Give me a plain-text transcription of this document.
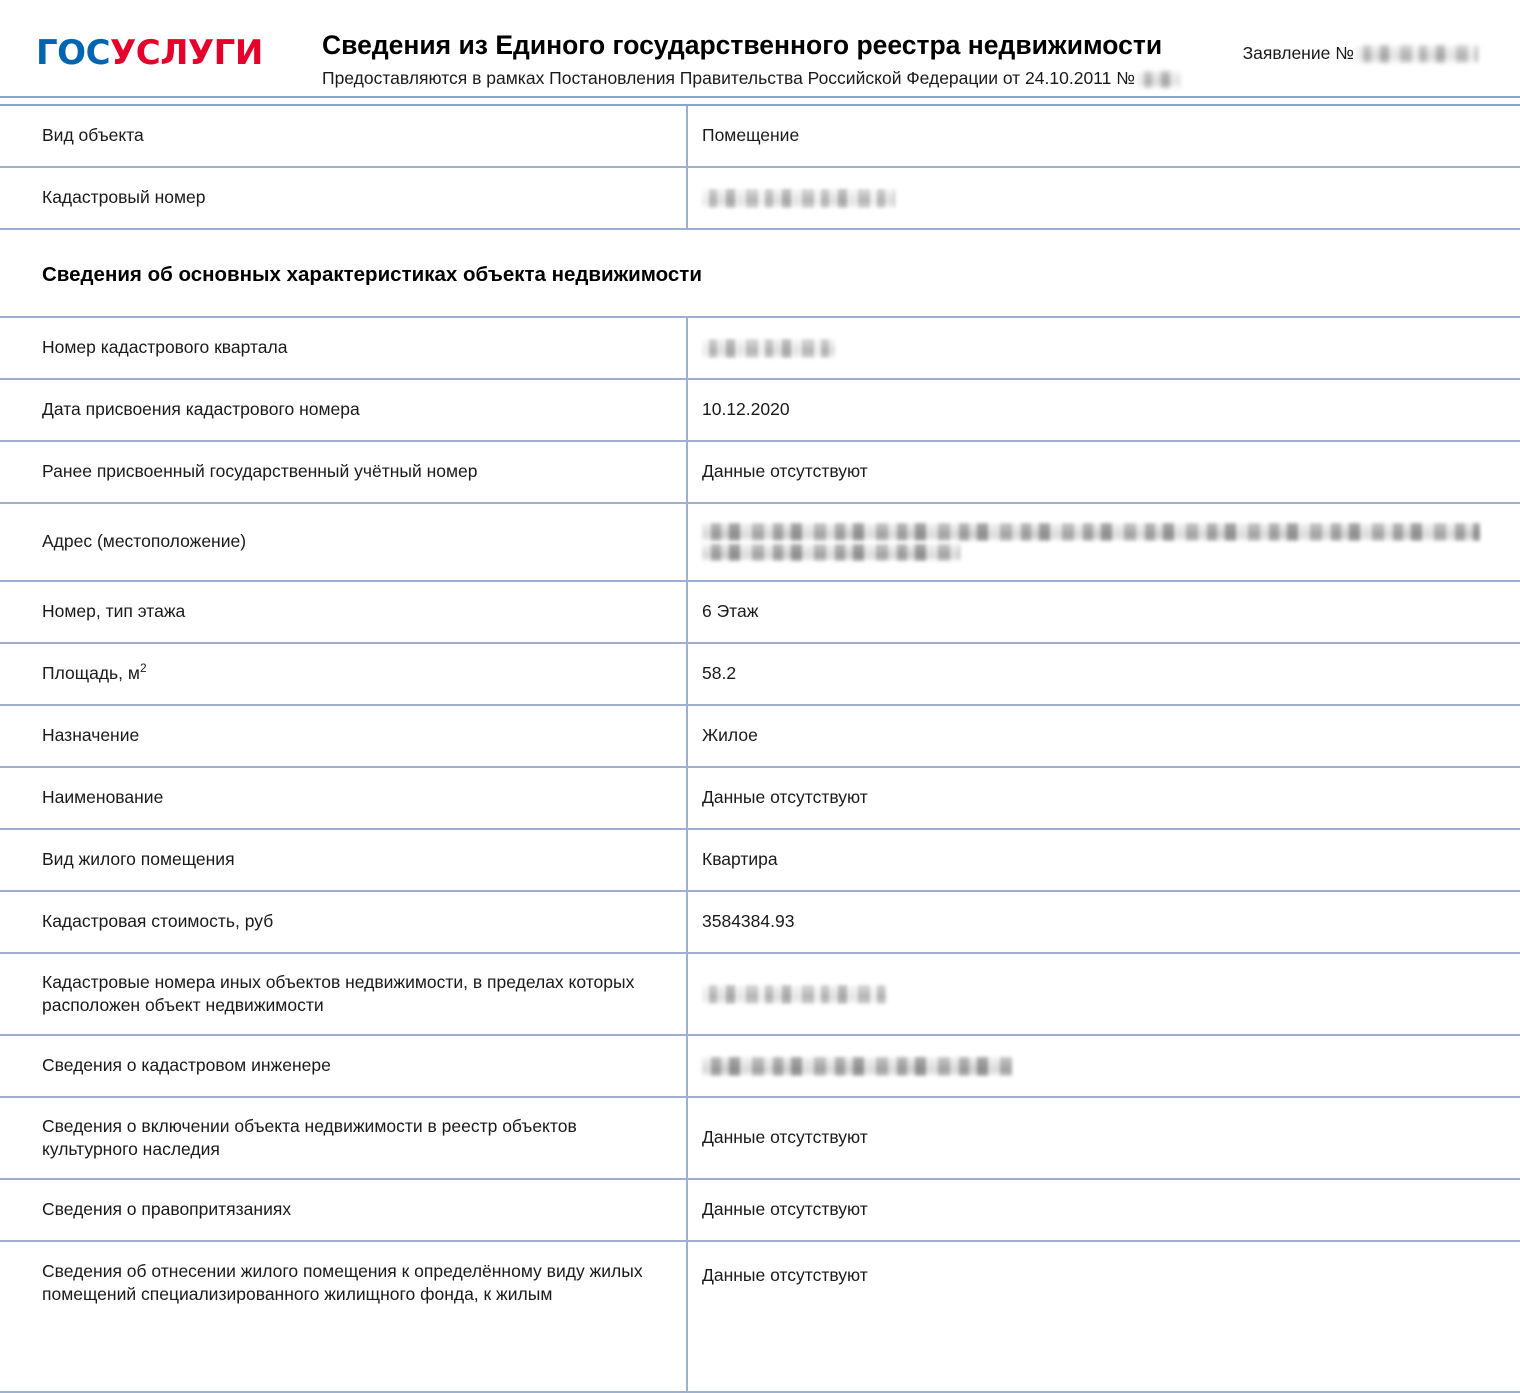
ГОСУСЛУГИ Сведения из Единого государственного реестра недвижимости

Предоставляются в рамках Постановления Правительства Российской Федерации от 24.10.2011 №

Заявление №
Вид объекта	Помещение
Кадастровый номер	

Сведения об основных характеристиках объекта недвижимости	

Номер кадастрового квартала	
Дата присвоения кадастрового номера	10.12.2020
Ранее присвоенный государственный учётный номер	Данные отсутствуют
Адрес (местоположение)	

Номер, тип этажа	6 Этаж
Площадь, $м^2$	58.2
Назначение	Жилое
Наименование	Данные отсутствуют
Вид жилого помещения	Квартира
Кадастровая стоимость, руб	3584384.93
Кадастровые номера иных объектов недвижимости, в пределах которых расположен объект недвижимости	
Сведения о кадастровом инженере	
Сведения о включении объекта недвижимости в реестр объектов культурного наследия	Данные отсутствуют
Сведения о правопритязаниях	Данные отсутствуют
Сведения об отнесении жилого помещения к определённому виду жилых помещений специализированного жилищного фонда, к жилым	Данные отсутствуют
